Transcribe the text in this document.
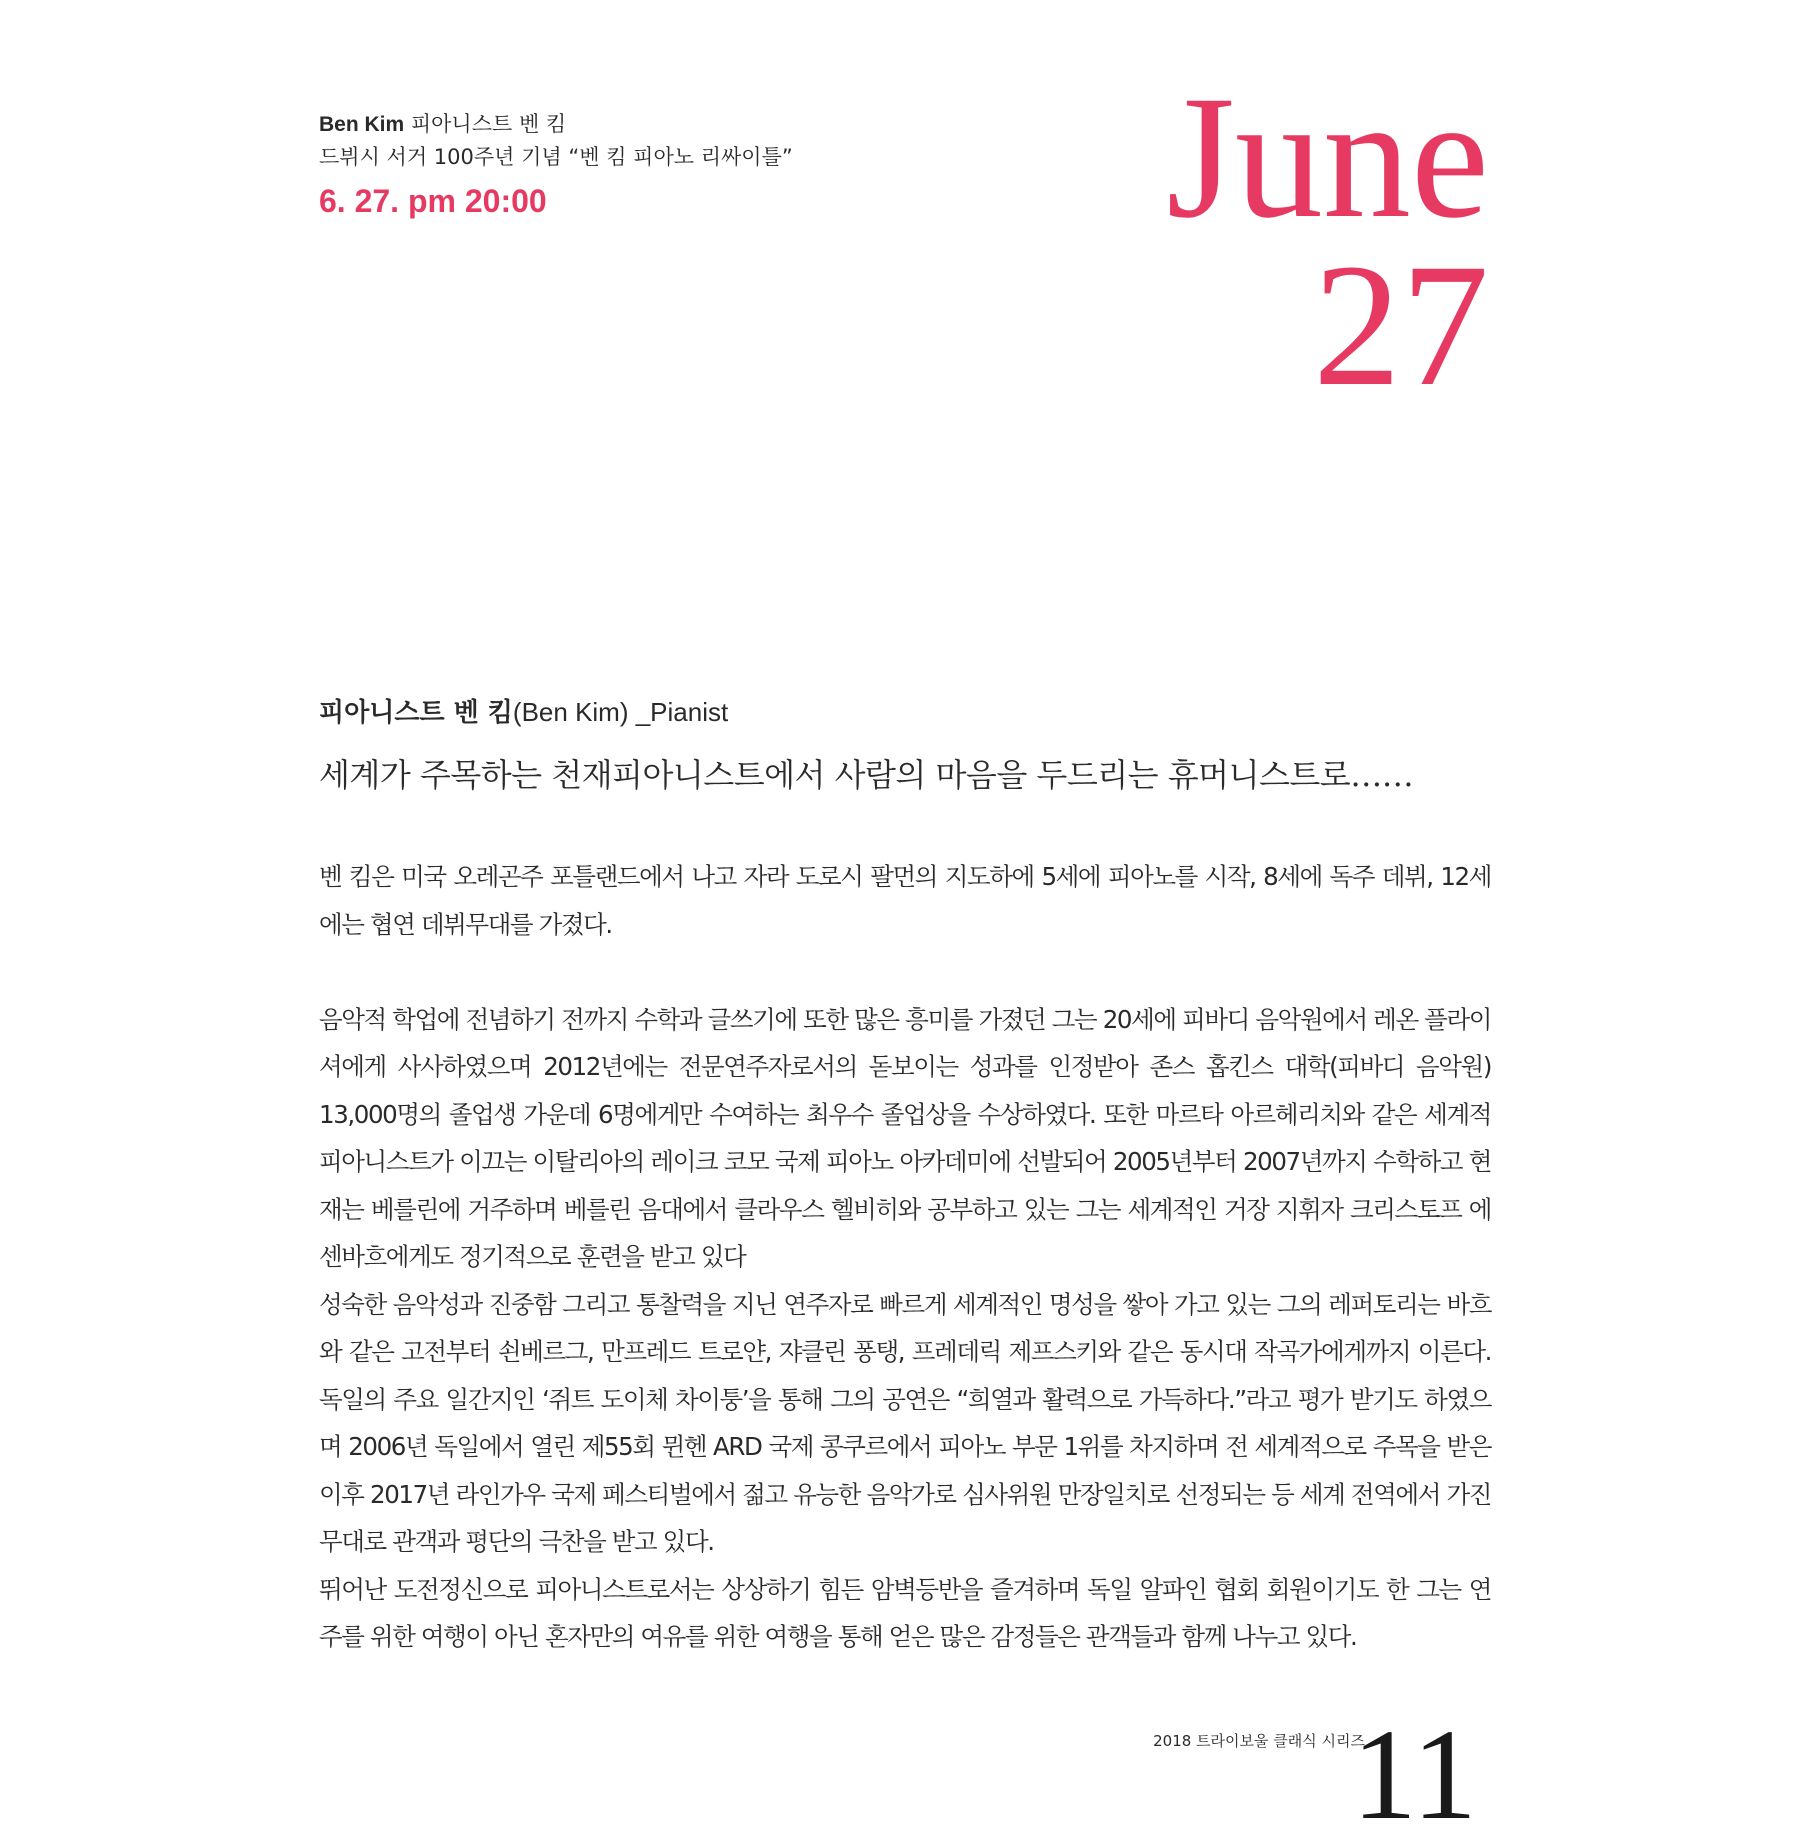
Ben Kim 피아니스트 벤 킴
드뷔시 서거 100주년 기념 “벤 킴 피아노 리싸이틀”
6. 27. pm 20:00	June
27
피아니스트 벤 킴(Ben Kim) _Pianist
세계가 주목하는 천재피아니스트에서 사람의 마음을 두드리는 휴머니스트로……

벤 킴은 미국 오레곤주 포틀랜드에서 나고 자라 도로시 팔먼의 지도하에 5세에 피아노를 시작, 8세에 독주 데뷔, 12세에는 협연 데뷔무대를 가졌다.

음악적 학업에 전념하기 전까지 수학과 글쓰기에 또한 많은 흥미를 가졌던 그는 20세에 피바디 음악원에서 레온 플라이셔에게 사사하였으며 2012년에는 전문연주자로서의 돋보이는 성과를 인정받아 존스 홉킨스 대학(피바디 음악원) 13,000명의 졸업생 가운데 6명에게만 수여하는 최우수 졸업상을 수상하였다. 또한 마르타 아르헤리치와 같은 세계적 피아니스트가 이끄는 이탈리아의 레이크 코모 국제 피아노 아카데미에 선발되어 2005년부터 2007년까지 수학하고 현재는 베를린에 거주하며 베를린 음대에서 클라우스 헬비히와 공부하고 있는 그는 세계적인 거장 지휘자 크리스토프 에센바흐에게도 정기적으로 훈련을 받고 있다

성숙한 음악성과 진중함 그리고 통찰력을 지닌 연주자로 빠르게 세계적인 명성을 쌓아 가고 있는 그의 레퍼토리는 바흐와 같은 고전부터 쇤베르그, 만프레드 트로얀, 쟈클린 퐁탱, 프레데릭 제프스키와 같은 동시대 작곡가에게까지 이른다. 독일의 주요 일간지인 ‘쥐트 도이체 차이퉁’을 통해 그의 공연은 “희열과 활력으로 가득하다.”라고 평가 받기도 하였으며 2006년 독일에서 열린 제55회 뮌헨 ARD 국제 콩쿠르에서 피아노 부문 1위를 차지하며 전 세계적으로 주목을 받은 이후 2017년 라인가우 국제 페스티벌에서 젊고 유능한 음악가로 심사위원 만장일치로 선정되는 등 세계 전역에서 가진 무대로 관객과 평단의 극찬을 받고 있다.

뛰어난 도전정신으로 피아니스트로서는 상상하기 힘든 암벽등반을 즐겨하며 독일 알파인 협회 회원이기도 한 그는 연주를 위한 여행이 아닌 혼자만의 여유를 위한 여행을 통해 얻은 많은 감정들은 관객들과 함께 나누고 있다.

2018 트라이보울 클래식 시리즈
11
